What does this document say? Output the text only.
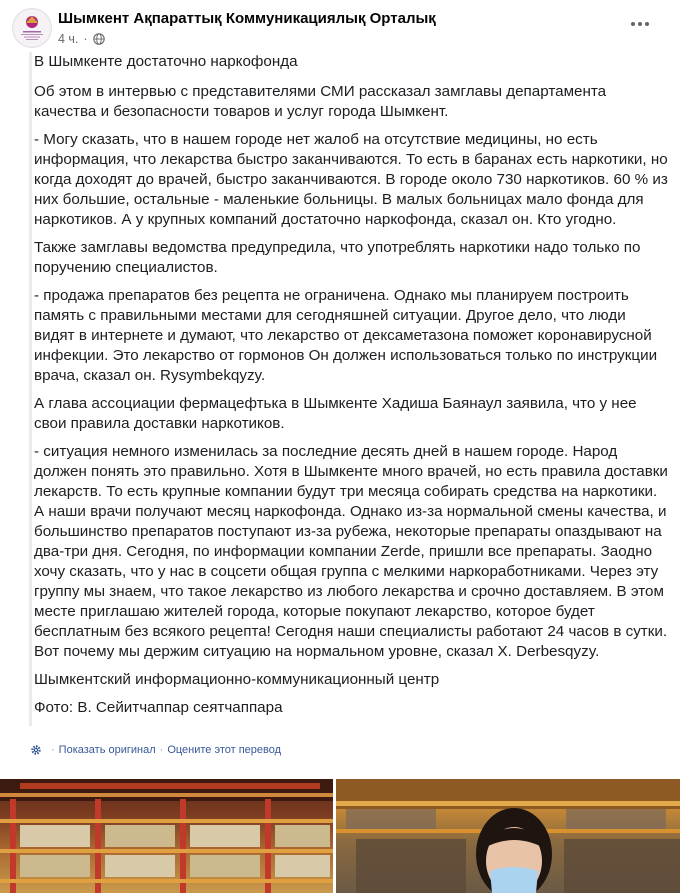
Шымкент Ақпараттық Коммуникациялық Орталық
4 ч. ·

В Шымкенте достаточно наркофонда

Об этом в интервью с представителями СМИ рассказал замглавы департамента качества и безопасности товаров и услуг города Шымкент.

- Могу сказать, что в нашем городе нет жалоб на отсутствие медицины, но есть информация, что лекарства быстро заканчиваются. То есть в баранах есть наркотики, но когда доходят до врачей, быстро заканчиваются. В городе около 730 наркотиков. 60 % из них большие, остальные - маленькие больницы. В малых больницах мало фонда для наркотиков. А у крупных компаний достаточно наркофонда, сказал он. Кто угодно.

Также замглавы ведомства предупредила, что употреблять наркотики надо только по поручению специалистов.

- продажа препаратов без рецепта не ограничена. Однако мы планируем построить память с правильными местами для сегодняшней ситуации. Другое дело, что люди видят в интернете и думают, что лекарство от дексаметазона поможет коронавирусной инфекции. Это лекарство от гормонов Он должен использоваться только по инструкции врача, сказал он. Rysymbekqyzy.

А глава ассоциации фермацефтька в Шымкенте Хадиша Баянаул заявила, что у нее свои правила доставки наркотиков.

- ситуация немного изменилась за последние десять дней в нашем городе. Народ должен понять это правильно. Хотя в Шымкенте много врачей, но есть правила доставки лекарств. То есть крупные компании будут три месяца собирать средства на наркотики. А наши врачи получают месяц наркофонда. Однако из-за нормальной смены качества, и большинство препаратов поступают из-за рубежа, некоторые препараты опаздывают на два-три дня. Сегодня, по информации компании Zerde, пришли все препараты. Заодно хочу сказать, что у нас в соцсети общая группа с мелкими наркоработниками. Через эту группу мы знаем, что такое лекарство из любого лекарства и срочно доставляем. В этом месте приглашаю жителей города, которые покупают лекарство, которое будет бесплатным без всякого рецепта! Сегодня наши специалисты работают 24 часов в сутки. Вот почему мы держим ситуацию на нормальном уровне, сказал Х. Derbesqyzy.

Шымкентский информационно-коммуникационный центр

Фото: В. Сейитчаппар сеятчаппара

· Показать оригинал · Оцените этот перевод
